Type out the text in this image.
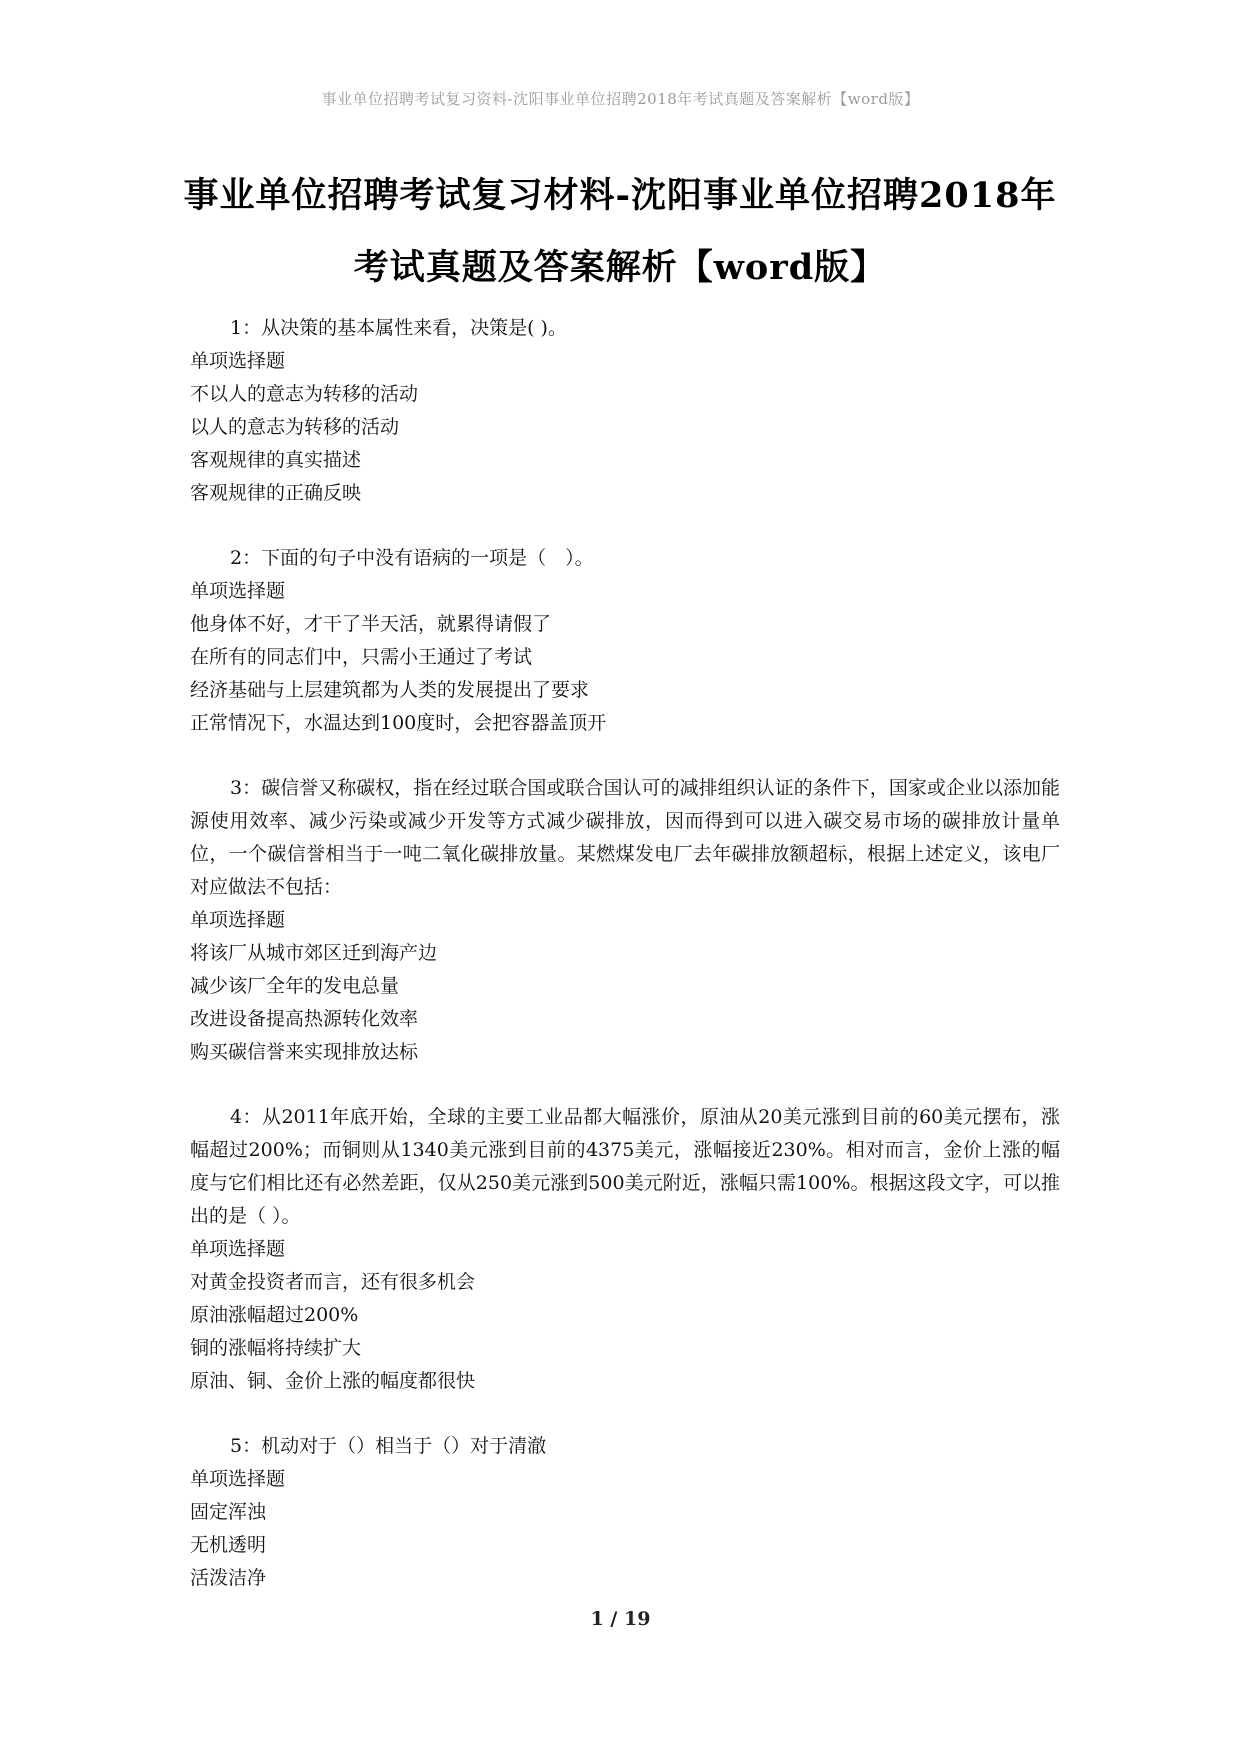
事业单位招聘考试复习资料-沈阳事业单位招聘2018年考试真题及答案解析【word版】
事业单位招聘考试复习材料-沈阳事业单位招聘2018年考试真题及答案解析【word版】

1：从决策的基本属性来看，决策是( )。

单项选择题

不以人的意志为转移的活动

以人的意志为转移的活动

客观规律的真实描述

客观规律的正确反映

2：下面的句子中没有语病的一项是（　）。

单项选择题

他身体不好，才干了半天活，就累得请假了

在所有的同志们中，只需小王通过了考试

经济基础与上层建筑都为人类的发展提出了要求

正常情况下，水温达到100度时，会把容器盖顶开

3：碳信誉又称碳权，指在经过联合国或联合国认可的减排组织认证的条件下，国家或企业以添加能源使用效率、减少污染或减少开发等方式减少碳排放，因而得到可以进入碳交易市场的碳排放计量单位，一个碳信誉相当于一吨二氧化碳排放量。某燃煤发电厂去年碳排放额超标，根据上述定义，该电厂对应做法不包括：

单项选择题

将该厂从城市郊区迁到海产边

减少该厂全年的发电总量

改进设备提高热源转化效率

购买碳信誉来实现排放达标

4：从2011年底开始，全球的主要工业品都大幅涨价，原油从20美元涨到目前的60美元摆布，涨幅超过200%；而铜则从1340美元涨到目前的4375美元，涨幅接近230%。相对而言，金价上涨的幅度与它们相比还有必然差距，仅从250美元涨到500美元附近，涨幅只需100%。根据这段文字，可以推出的是（ ）。

单项选择题

对黄金投资者而言，还有很多机会

原油涨幅超过200%

铜的涨幅将持续扩大

原油、铜、金价上涨的幅度都很快

5：机动对于（）相当于（）对于清澈

单项选择题

固定浑浊

无机透明

活泼洁净

1 / 19
